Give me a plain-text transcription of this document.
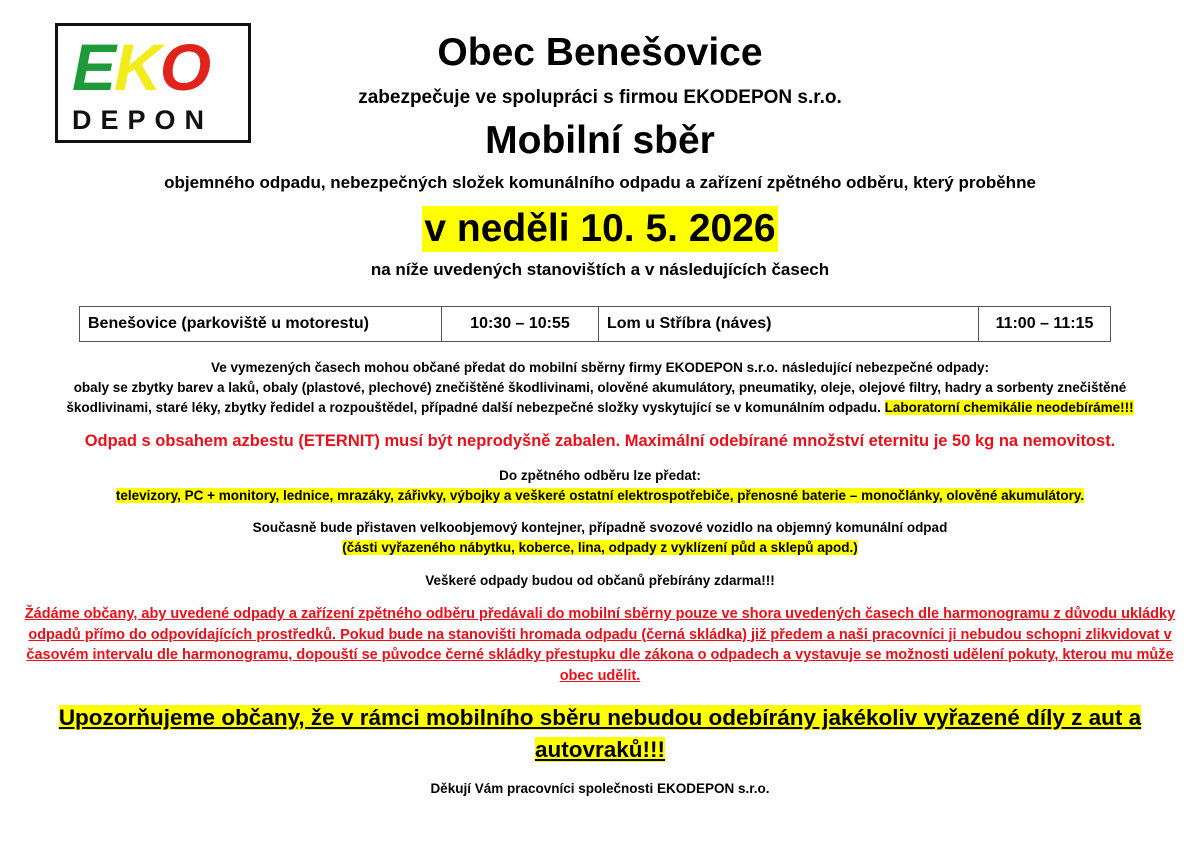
EKO
DEPON
Obec Benešovice
zabezpečuje ve spolupráci s firmou EKODEPON s.r.o.
Mobilní sběr
objemného odpadu, nebezpečných složek komunálního odpadu a zařízení zpětného odběru, který proběhne
v neděli 10. 5. 2026
na níže uvedených stanovištích a v následujících časech
Benešovice (parkoviště u motorestu)	10:30 – 10:55	Lom u Stříbra (náves)	11:00 – 11:15
Ve vymezených časech mohou občané předat do mobilní sběrny firmy EKODEPON s.r.o. následující nebezpečné odpady:
obaly se zbytky barev a laků, obaly (plastové, plechové) znečištěné škodlivinami, olověné akumulátory, pneumatiky, oleje, olejové filtry, hadry a sorbenty znečištěné škodlivinami, staré léky, zbytky ředidel a rozpouštědel, případné další nebezpečné složky vyskytující se v komunálním odpadu. Laboratorní chemikálie neodebíráme!!!
Odpad s obsahem azbestu (ETERNIT) musí být neprodyšně zabalen. Maximální odebírané množství eternitu je 50 kg na nemovitost.
Do zpětného odběru lze předat:
televizory, PC + monitory, lednice, mrazáky, zářivky, výbojky a veškeré ostatní elektrospotřebiče, přenosné baterie – monočlánky, olověné akumulátory.
Současně bude přistaven velkoobjemový kontejner, případně svozové vozidlo na objemný komunální odpad
(části vyřazeného nábytku, koberce, lina, odpady z vyklízení půd a sklepů apod.)
Veškeré odpady budou od občanů přebírány zdarma!!!
Žádáme občany, aby uvedené odpady a zařízení zpětného odběru předávali do mobilní sběrny pouze ve shora uvedených časech dle harmonogramu z důvodu ukládky odpadů přímo do odpovídajících prostředků. Pokud bude na stanovišti hromada odpadu (černá skládka) již předem a naši pracovníci ji nebudou schopni zlikvidovat v časovém intervalu dle harmonogramu, dopouští se původce černé skládky přestupku dle zákona o odpadech a vystavuje se možnosti udělení pokuty, kterou mu může obec udělit.
Upozorňujeme občany, že v rámci mobilního sběru nebudou odebírány jakékoliv vyřazené díly z aut a autovraků!!!
Děkují Vám pracovníci společnosti EKODEPON s.r.o.
